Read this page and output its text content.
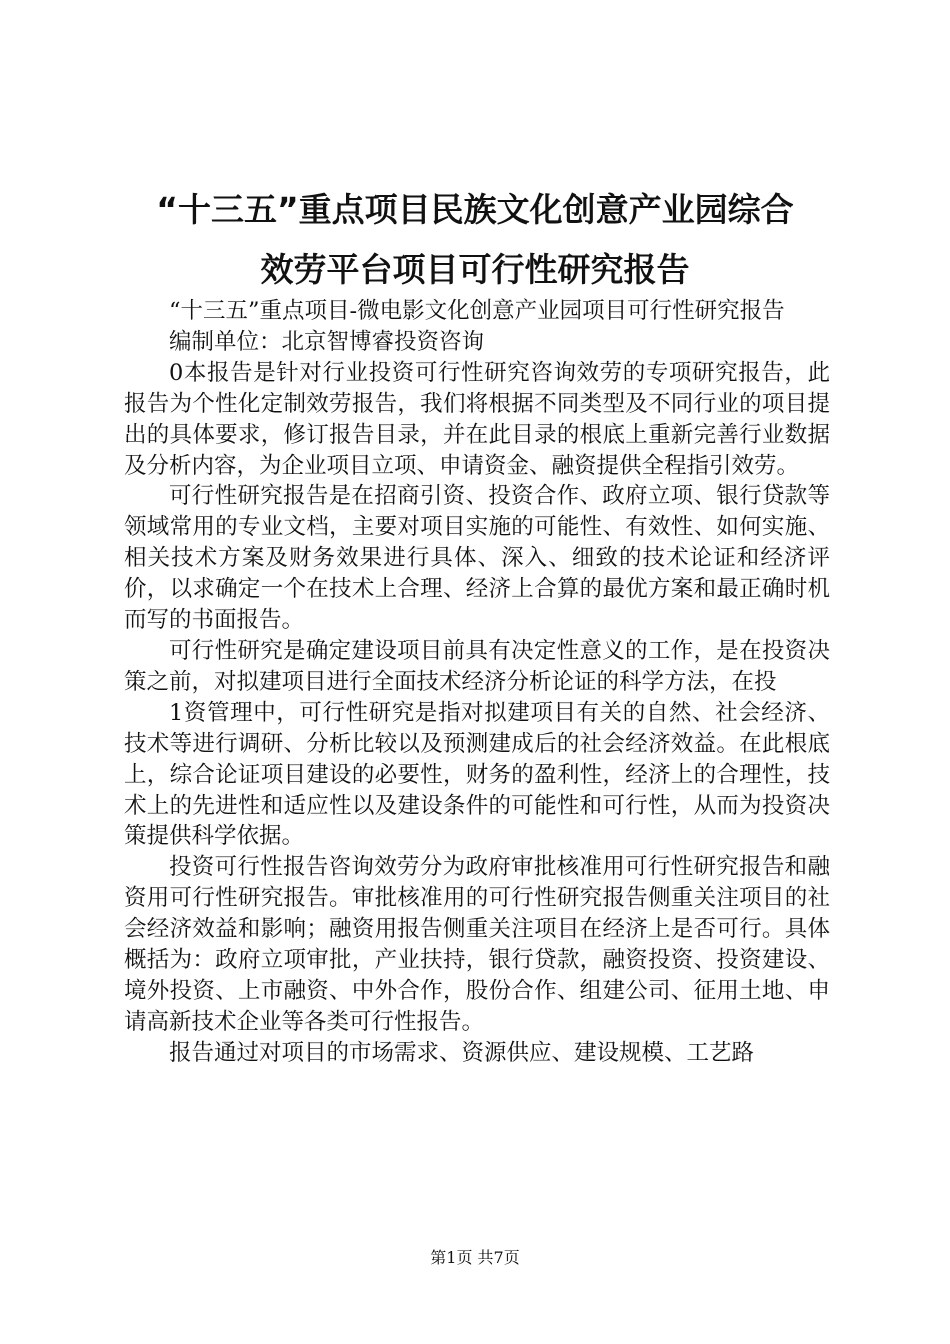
“十三五”重点项目民族文化创意产业园综合
效劳平台项目可行性研究报告

“十三五”重点项目-微电影文化创意产业园项目可行性研究报告

编制单位：北京智博睿投资咨询

0本报告是针对行业投资可行性研究咨询效劳的专项研究报告，此报告为个性化定制效劳报告，我们将根据不同类型及不同行业的项目提出的具体要求，修订报告目录，并在此目录的根底上重新完善行业数据及分析内容，为企业项目立项、申请资金、融资提供全程指引效劳。

可行性研究报告是在招商引资、投资合作、政府立项、银行贷款等领域常用的专业文档，主要对项目实施的可能性、有效性、如何实施、相关技术方案及财务效果进行具体、深入、细致的技术论证和经济评价，以求确定一个在技术上合理、经济上合算的最优方案和最正确时机而写的书面报告。

可行性研究是确定建设项目前具有决定性意义的工作，是在投资决策之前，对拟建项目进行全面技术经济分析论证的科学方法，在投

1资管理中，可行性研究是指对拟建项目有关的自然、社会经济、技术等进行调研、分析比较以及预测建成后的社会经济效益。在此根底上，综合论证项目建设的必要性，财务的盈利性，经济上的合理性，技术上的先进性和适应性以及建设条件的可能性和可行性，从而为投资决策提供科学依据。

投资可行性报告咨询效劳分为政府审批核准用可行性研究报告和融资用可行性研究报告。审批核准用的可行性研究报告侧重关注项目的社会经济效益和影响；融资用报告侧重关注项目在经济上是否可行。具体概括为：政府立项审批，产业扶持，银行贷款，融资投资、投资建设、境外投资、上市融资、中外合作，股份合作、组建公司、征用土地、申请高新技术企业等各类可行性报告。

报告通过对项目的市场需求、资源供应、建设规模、工艺路

第1页 共7页
